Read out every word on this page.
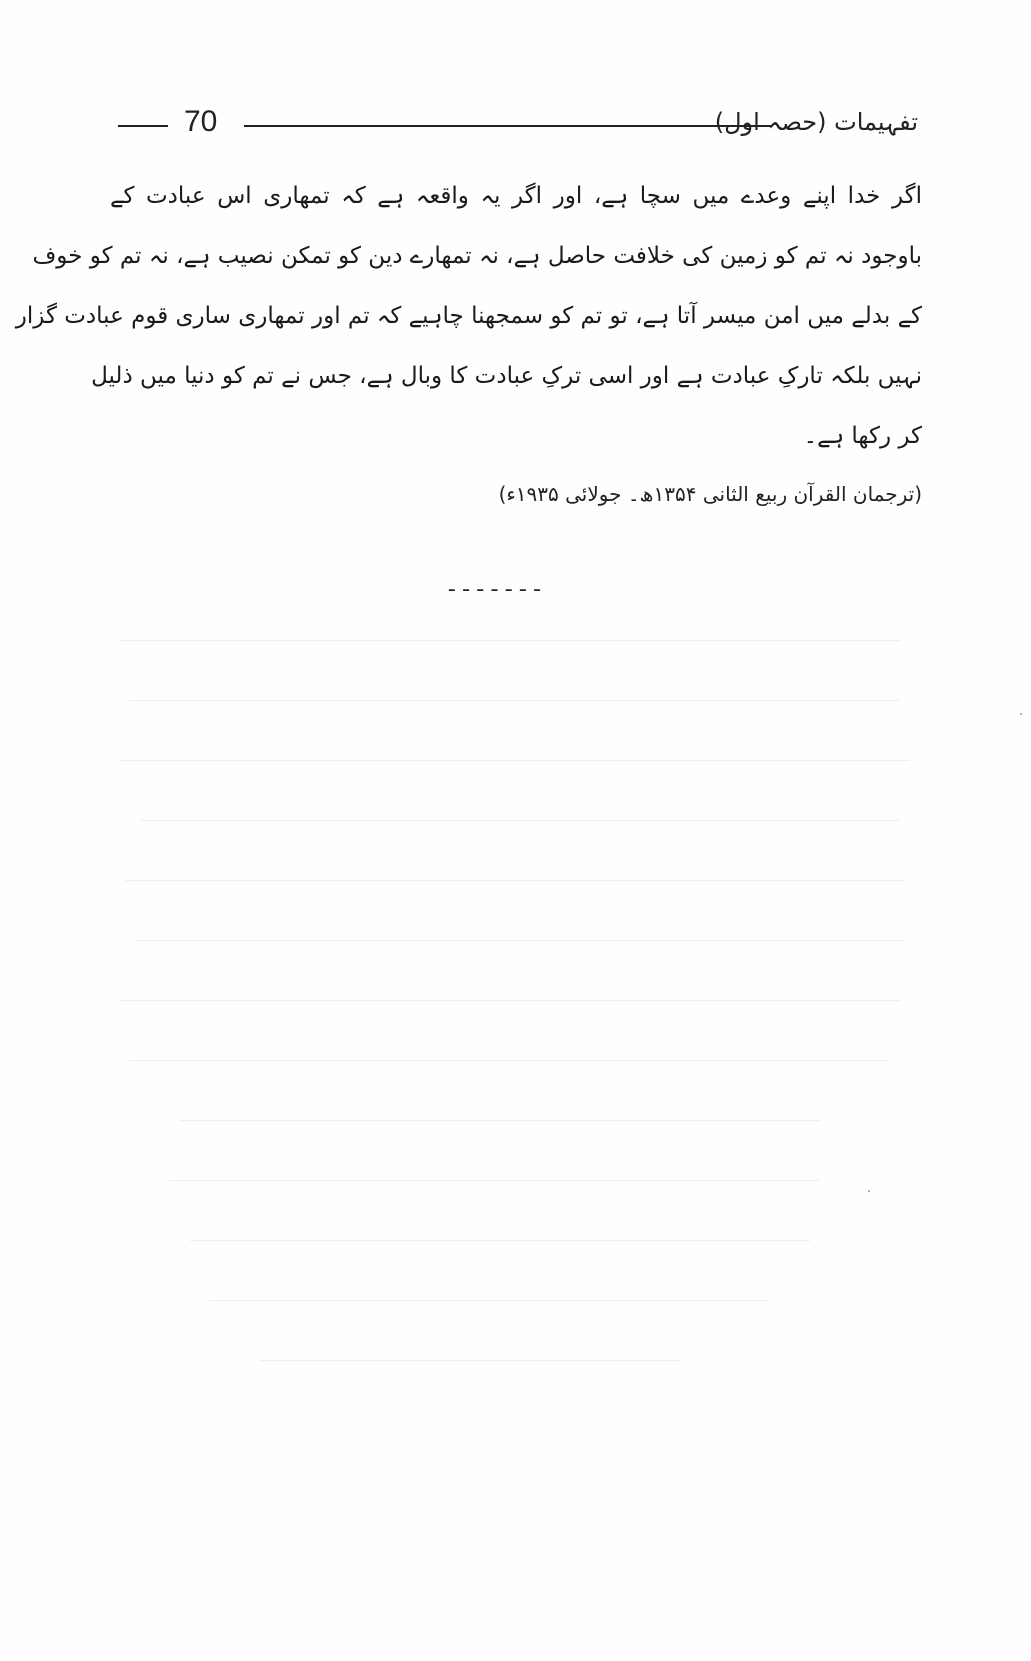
70	تفہیمات (حصہ اول)
اگر خدا اپنے وعدے میں سچا ہے، اور اگر یہ واقعہ ہے کہ تمھاری اس عبادت کے
باوجود نہ تم کو زمین کی خلافت حاصل ہے، نہ تمھارے دین کو تمکن نصیب ہے، نہ تم کو خوف
کے بدلے میں امن میسر آتا ہے، تو تم کو سمجھنا چاہیے کہ تم اور تمھاری ساری قوم عبادت گزار
نہیں بلکہ تارکِ عبادت ہے اور اسی ترکِ عبادت کا وبال ہے، جس نے تم کو دنیا میں ذلیل
کر رکھا ہے۔
(ترجمان القرآن ربیع الثانی ۱۳۵۴ھ۔ جولائی ۱۹۳۵ء)
-------
